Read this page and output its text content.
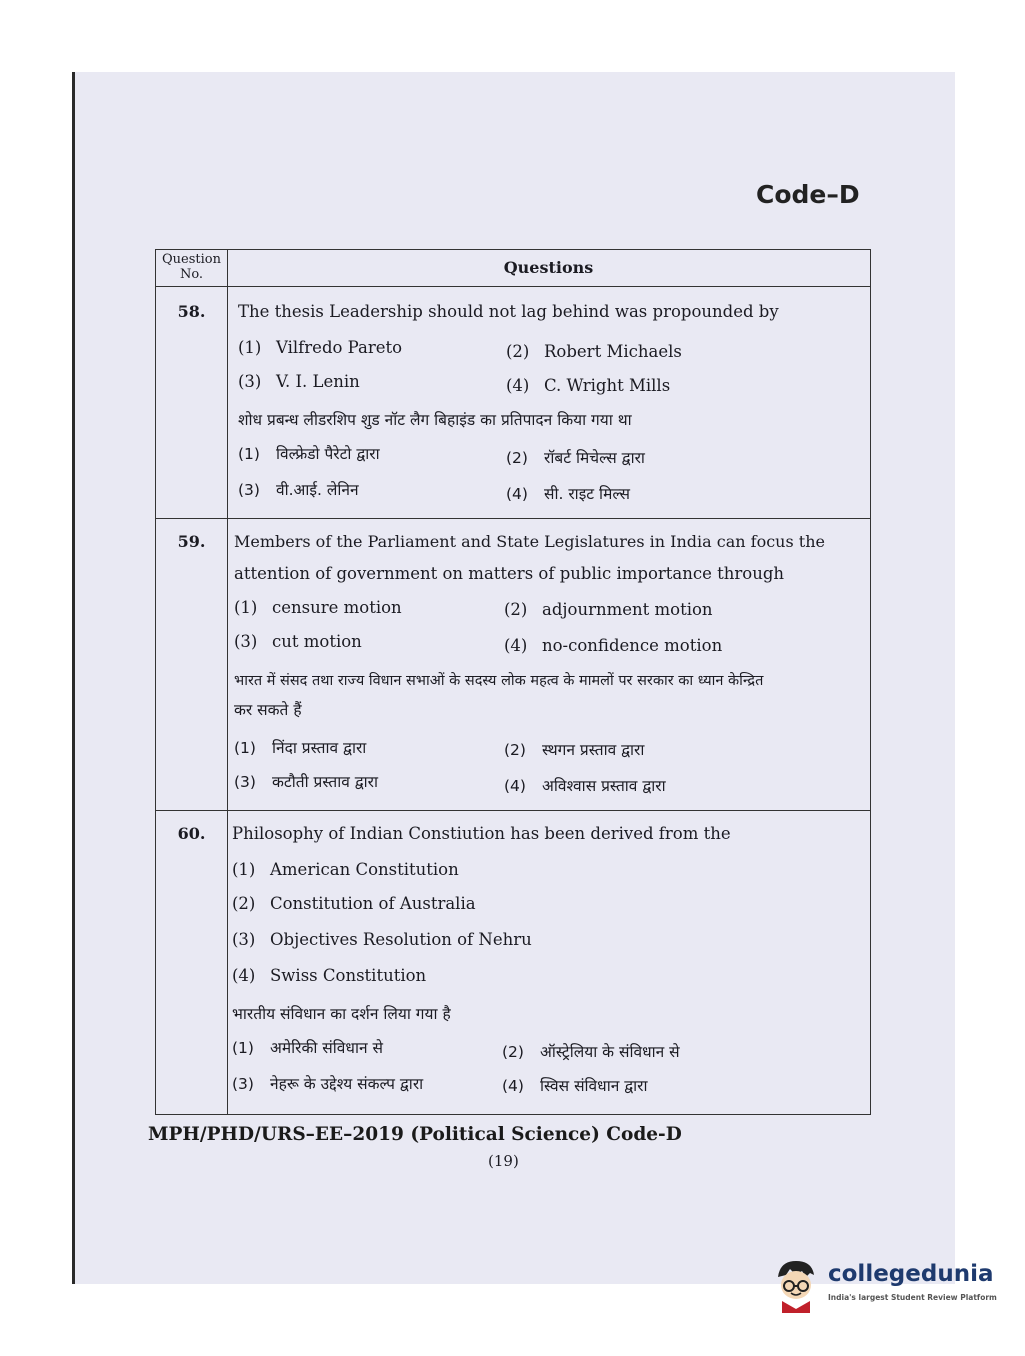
Code–D
Question No.	Questions
58.	The thesis Leadership should not lag behind was propounded by
(1) Vilfredo Pareto	(2) Robert Michaels
(3) V. I. Lenin	(4) C. Wright Mills
शोध प्रबन्ध लीडरशिप शुड नॉट लैग बिहाइंड का प्रतिपादन किया गया था
(1) विल्फ्रेडो पैरेटो द्वारा	(2) रॉबर्ट मिचेल्स द्वारा
(3) वी.आई. लेनिन	(4) सी. राइट मिल्स
59.	Members of the Parliament and State Legislatures in India can focus the
attention of government on matters of public importance through
(1) censure motion	(2) adjournment motion
(3) cut motion	(4) no-confidence motion
भारत में संसद तथा राज्य विधान सभाओं के सदस्य लोक महत्व के मामलों पर सरकार का ध्यान केन्द्रित
कर सकते हैं
(1) निंदा प्रस्ताव द्वारा	(2) स्थगन प्रस्ताव द्वारा
(3) कटौती प्रस्ताव द्वारा	(4) अविश्वास प्रस्ताव द्वारा
60.	Philosophy of Indian Constiution has been derived from the
(1) American Constitution
(2) Constitution of Australia
(3) Objectives Resolution of Nehru
(4) Swiss Constitution
भारतीय संविधान का दर्शन लिया गया है
(1) अमेरिकी संविधान से	(2) ऑस्ट्रेलिया के संविधान से
(3) नेहरू के उद्देश्य संकल्प द्वारा	(4) स्विस संविधान द्वारा
MPH/PHD/URS–EE–2019 (Political Science) Code-D
(19)
collegedunia
India's largest Student Review Platform
